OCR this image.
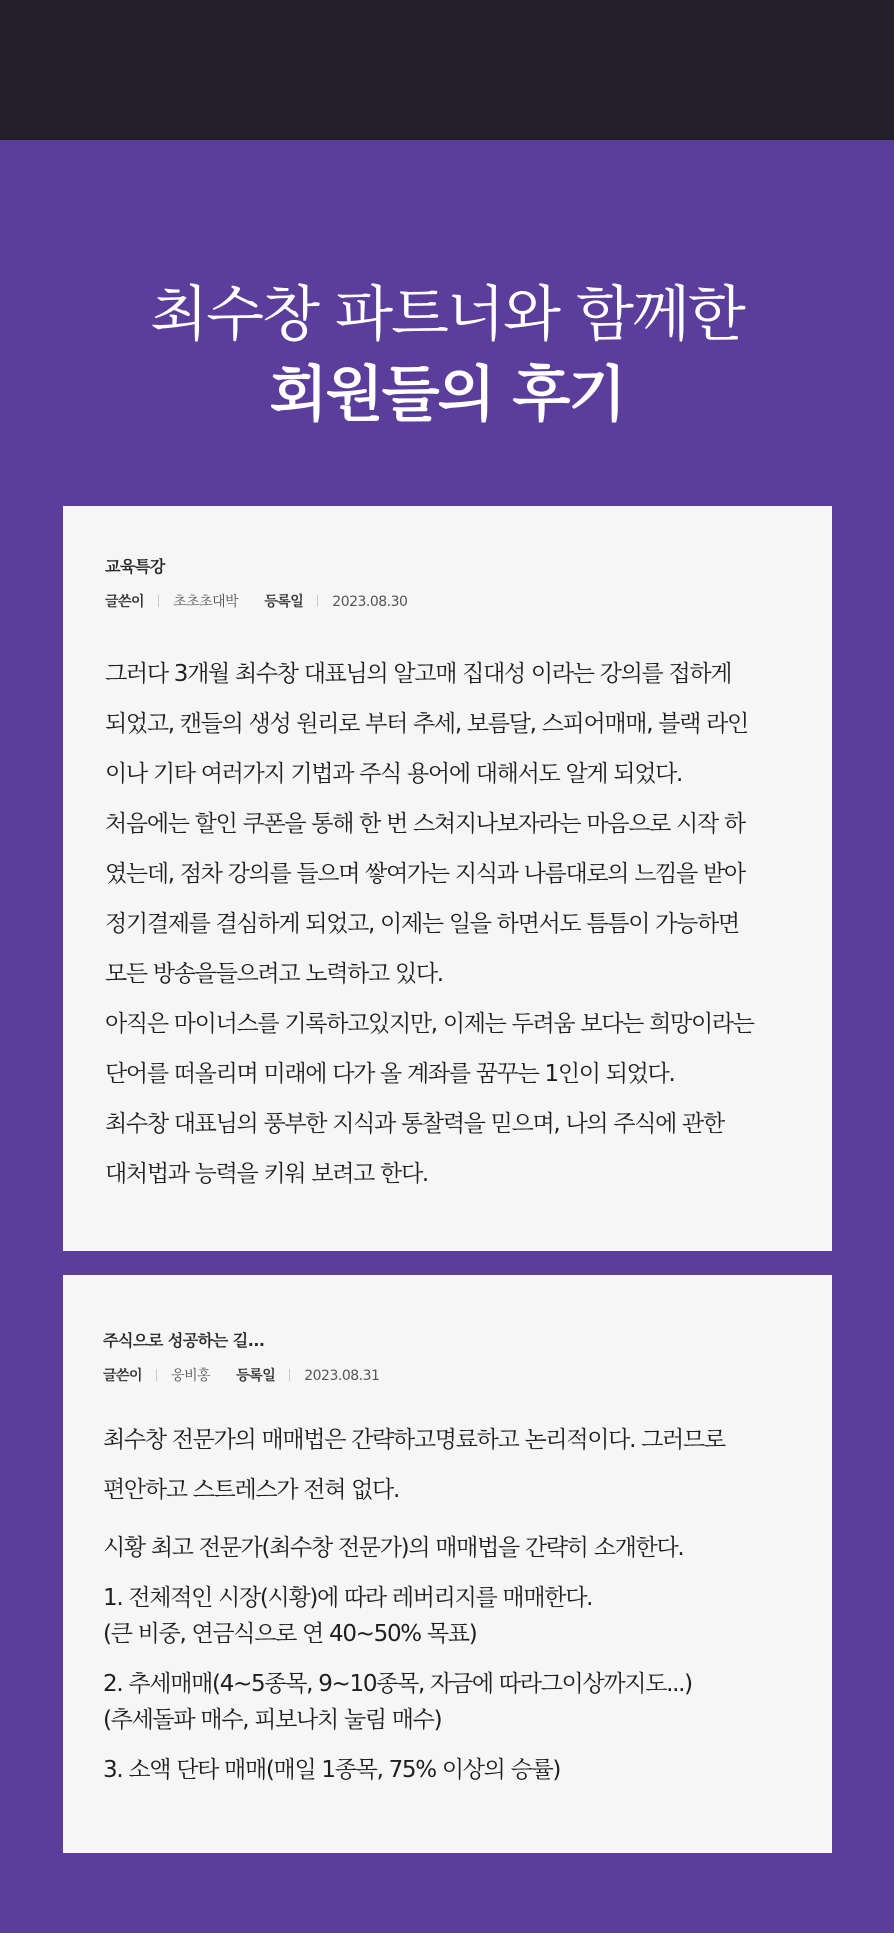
최수창 파트너와 함께한
회원들의 후기
교육특강
글쓴이 초초초대박 등록일 2023.08.30
그러다 3개월 최수창 대표님의 알고매 집대성 이라는 강의를 접하게
되었고, 캔들의 생성 원리로 부터 추세, 보름달, 스피어매매, 블랙 라인
이나 기타 여러가지 기법과 주식 용어에 대해서도 알게 되었다.
처음에는 할인 쿠폰을 통해 한 번 스쳐지나보자라는 마음으로 시작 하
였는데, 점차 강의를 들으며 쌓여가는 지식과 나름대로의 느낌을 받아
정기결제를 결심하게 되었고, 이제는 일을 하면서도 틈틈이 가능하면
모든 방송을들으려고 노력하고 있다.
아직은 마이너스를 기록하고있지만, 이제는 두려움 보다는 희망이라는
단어를 떠올리며 미래에 다가 올 계좌를 꿈꾸는 1인이 되었다.
최수창 대표님의 풍부한 지식과 통찰력을 믿으며, 나의 주식에 관한
대처법과 능력을 키워 보려고 한다.
주식으로 성공하는 길...
글쓴이 웅비홍 등록일 2023.08.31
최수창 전문가의 매매법은 간략하고명료하고 논리적이다. 그러므로
편안하고 스트레스가 전혀 없다.
시황 최고 전문가(최수창 전문가)의 매매법을 간략히 소개한다.
1. 전체적인 시장(시황)에 따라 레버리지를 매매한다.
(큰 비중, 연금식으로 연 40~50% 목표)
2. 추세매매(4~5종목, 9~10종목, 자금에 따라그이상까지도...)
(추세돌파 매수, 피보나치 눌림 매수)
3. 소액 단타 매매(매일 1종목, 75% 이상의 승률)
